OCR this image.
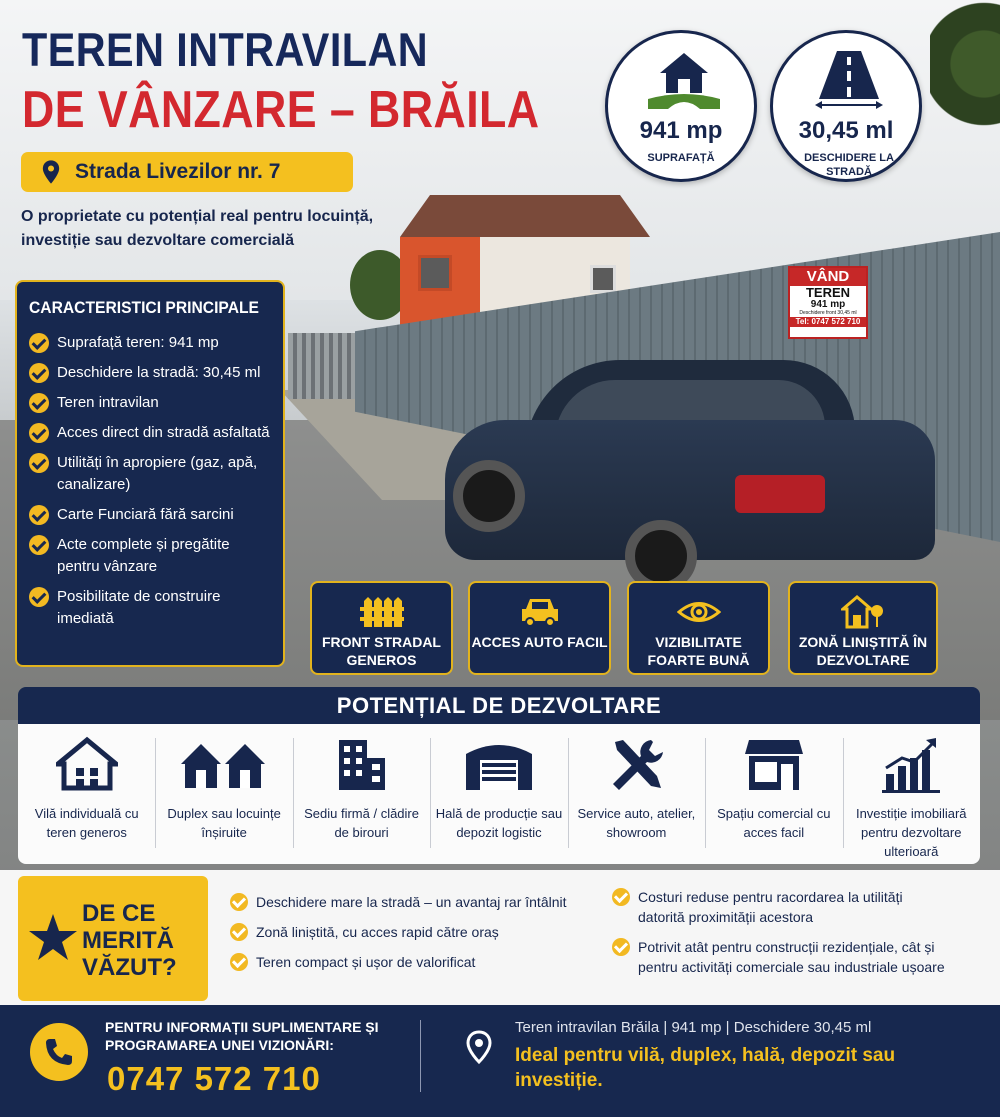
VÂND
TEREN
941 mp
Deschidere front 30,45 ml
Tel: 0747 572 710
TEREN INTRAVILAN
DE VÂNZARE – BRĂILA
Strada Livezilor nr. 7
O proprietate cu potențial real pentru locuință, investiție sau dezvoltare comercială
941 mp
SUPRAFAȚĂ
30,45 ml
DESCHIDERE LA STRADĂ
CARACTERISTICI PRINCIPALE
Suprafață teren: 941 mp
Deschidere la stradă: 30,45 ml
Teren intravilan
Acces direct din stradă asfaltată
Utilități în apropiere (gaz, apă, canalizare)
Carte Funciară fără sarcini
Acte complete și pregătite pentru vânzare
Posibilitate de construire imediată
FRONT STRADAL GENEROS
ACCES AUTO FACIL	VIZIBILITATE FOARTE BUNĂ
ZONĂ LINIȘTITĂ ÎN DEZVOLTARE
POTENȚIAL DE DEZVOLTARE
Vilă individuală cu teren generos
Duplex sau locuințe înșiruite
Sediu firmă / clădire de birouri
Hală de producție sau depozit logistic
Service auto, atelier, showroom
Spațiu comercial cu acces facil
Investiție imobiliară pentru dezvoltare ulterioară
DE CE MERITĂ VĂZUT?
Deschidere mare la stradă – un avantaj rar întâlnit
Zonă liniștită, cu acces rapid către oraș
Teren compact și ușor de valorificat
Costuri reduse pentru racordarea la utilități datorită proximității acestora
Potrivit atât pentru construcții rezidențiale, cât și pentru activități comerciale sau industriale ușoare
PENTRU INFORMAȚII SUPLIMENTARE ȘI PROGRAMAREA UNEI VIZIONĂRI:
0747 572 710
Teren intravilan Brăila | 941 mp | Deschidere 30,45 ml
Ideal pentru vilă, duplex, hală, depozit sau investiție.
